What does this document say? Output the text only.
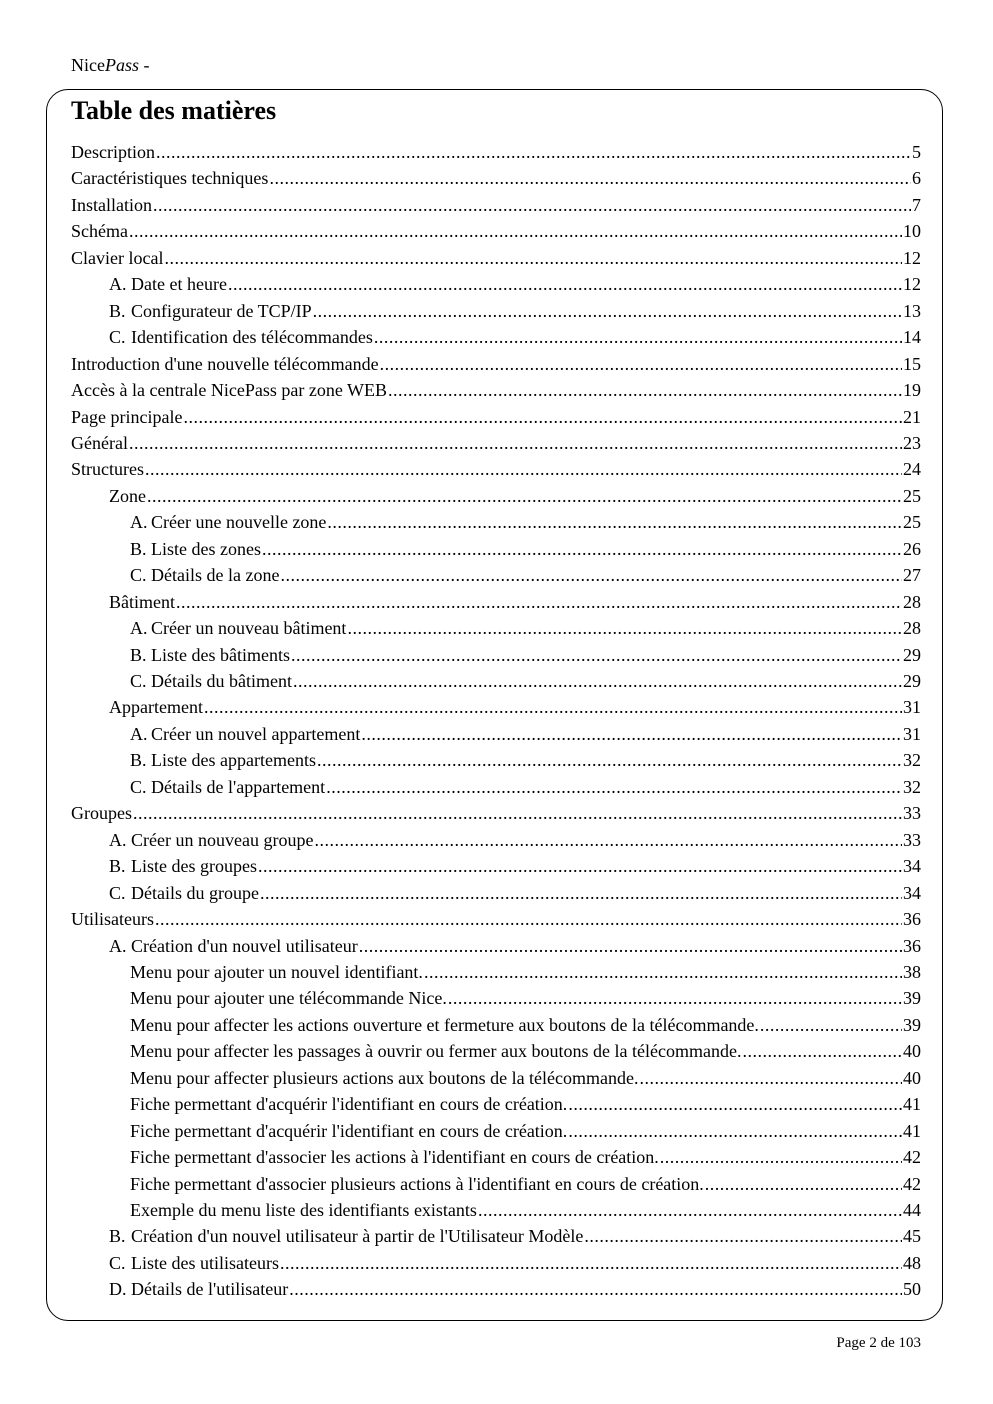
NicePass -
Table des matières
Description .....	5
Caractéristiques techniques .....	6
Installation .....	7
Schéma .....	10
Clavier local .....	12
A. Date et heure .....	12
B. Configurateur de TCP/IP .....	13
C. Identification des télécommandes .....	14
Introduction d'une nouvelle télécommande .....	15
Accès à la centrale NicePass par zone WEB .....	19
Page principale .....	21
Général .....	23
Structures .....	24
Zone .....	25
A. Créer une nouvelle zone .....	25
B. Liste des zones .....	26
C. Détails de la zone .....	27
Bâtiment .....	28
A. Créer un nouveau bâtiment .....	28
B. Liste des bâtiments .....	29
C. Détails du bâtiment .....	29
Appartement .....	31
A. Créer un nouvel appartement .....	31
B. Liste des appartements .....	32
C. Détails de l'appartement .....	32
Groupes .....	33
A. Créer un nouveau groupe .....	33
B. Liste des groupes .....	34
C. Détails du groupe .....	34
Utilisateurs .....	36
A. Création d'un nouvel utilisateur .....	36
Menu pour ajouter un nouvel identifiant. .....	38
Menu pour ajouter une télécommande Nice. .....	39
Menu pour affecter les actions ouverture et fermeture aux boutons de la télécommande. .....	39
Menu pour affecter les passages à ouvrir ou fermer aux boutons de la télécommande. .....	40
Menu pour affecter plusieurs actions aux boutons de la télécommande. .....	40
Fiche permettant d'acquérir l'identifiant en cours de création. .....	41
Fiche permettant d'acquérir l'identifiant en cours de création. .....	41
Fiche permettant d'associer les actions à l'identifiant en cours de création. .....	42
Fiche permettant d'associer plusieurs actions à l'identifiant en cours de création. .....	42
Exemple du menu liste des identifiants existants .....	44
B. Création d'un nouvel utilisateur à partir de l'Utilisateur Modèle .....	45
C. Liste des utilisateurs .....	48
D. Détails de l'utilisateur .....	50
Page 2 de 103
